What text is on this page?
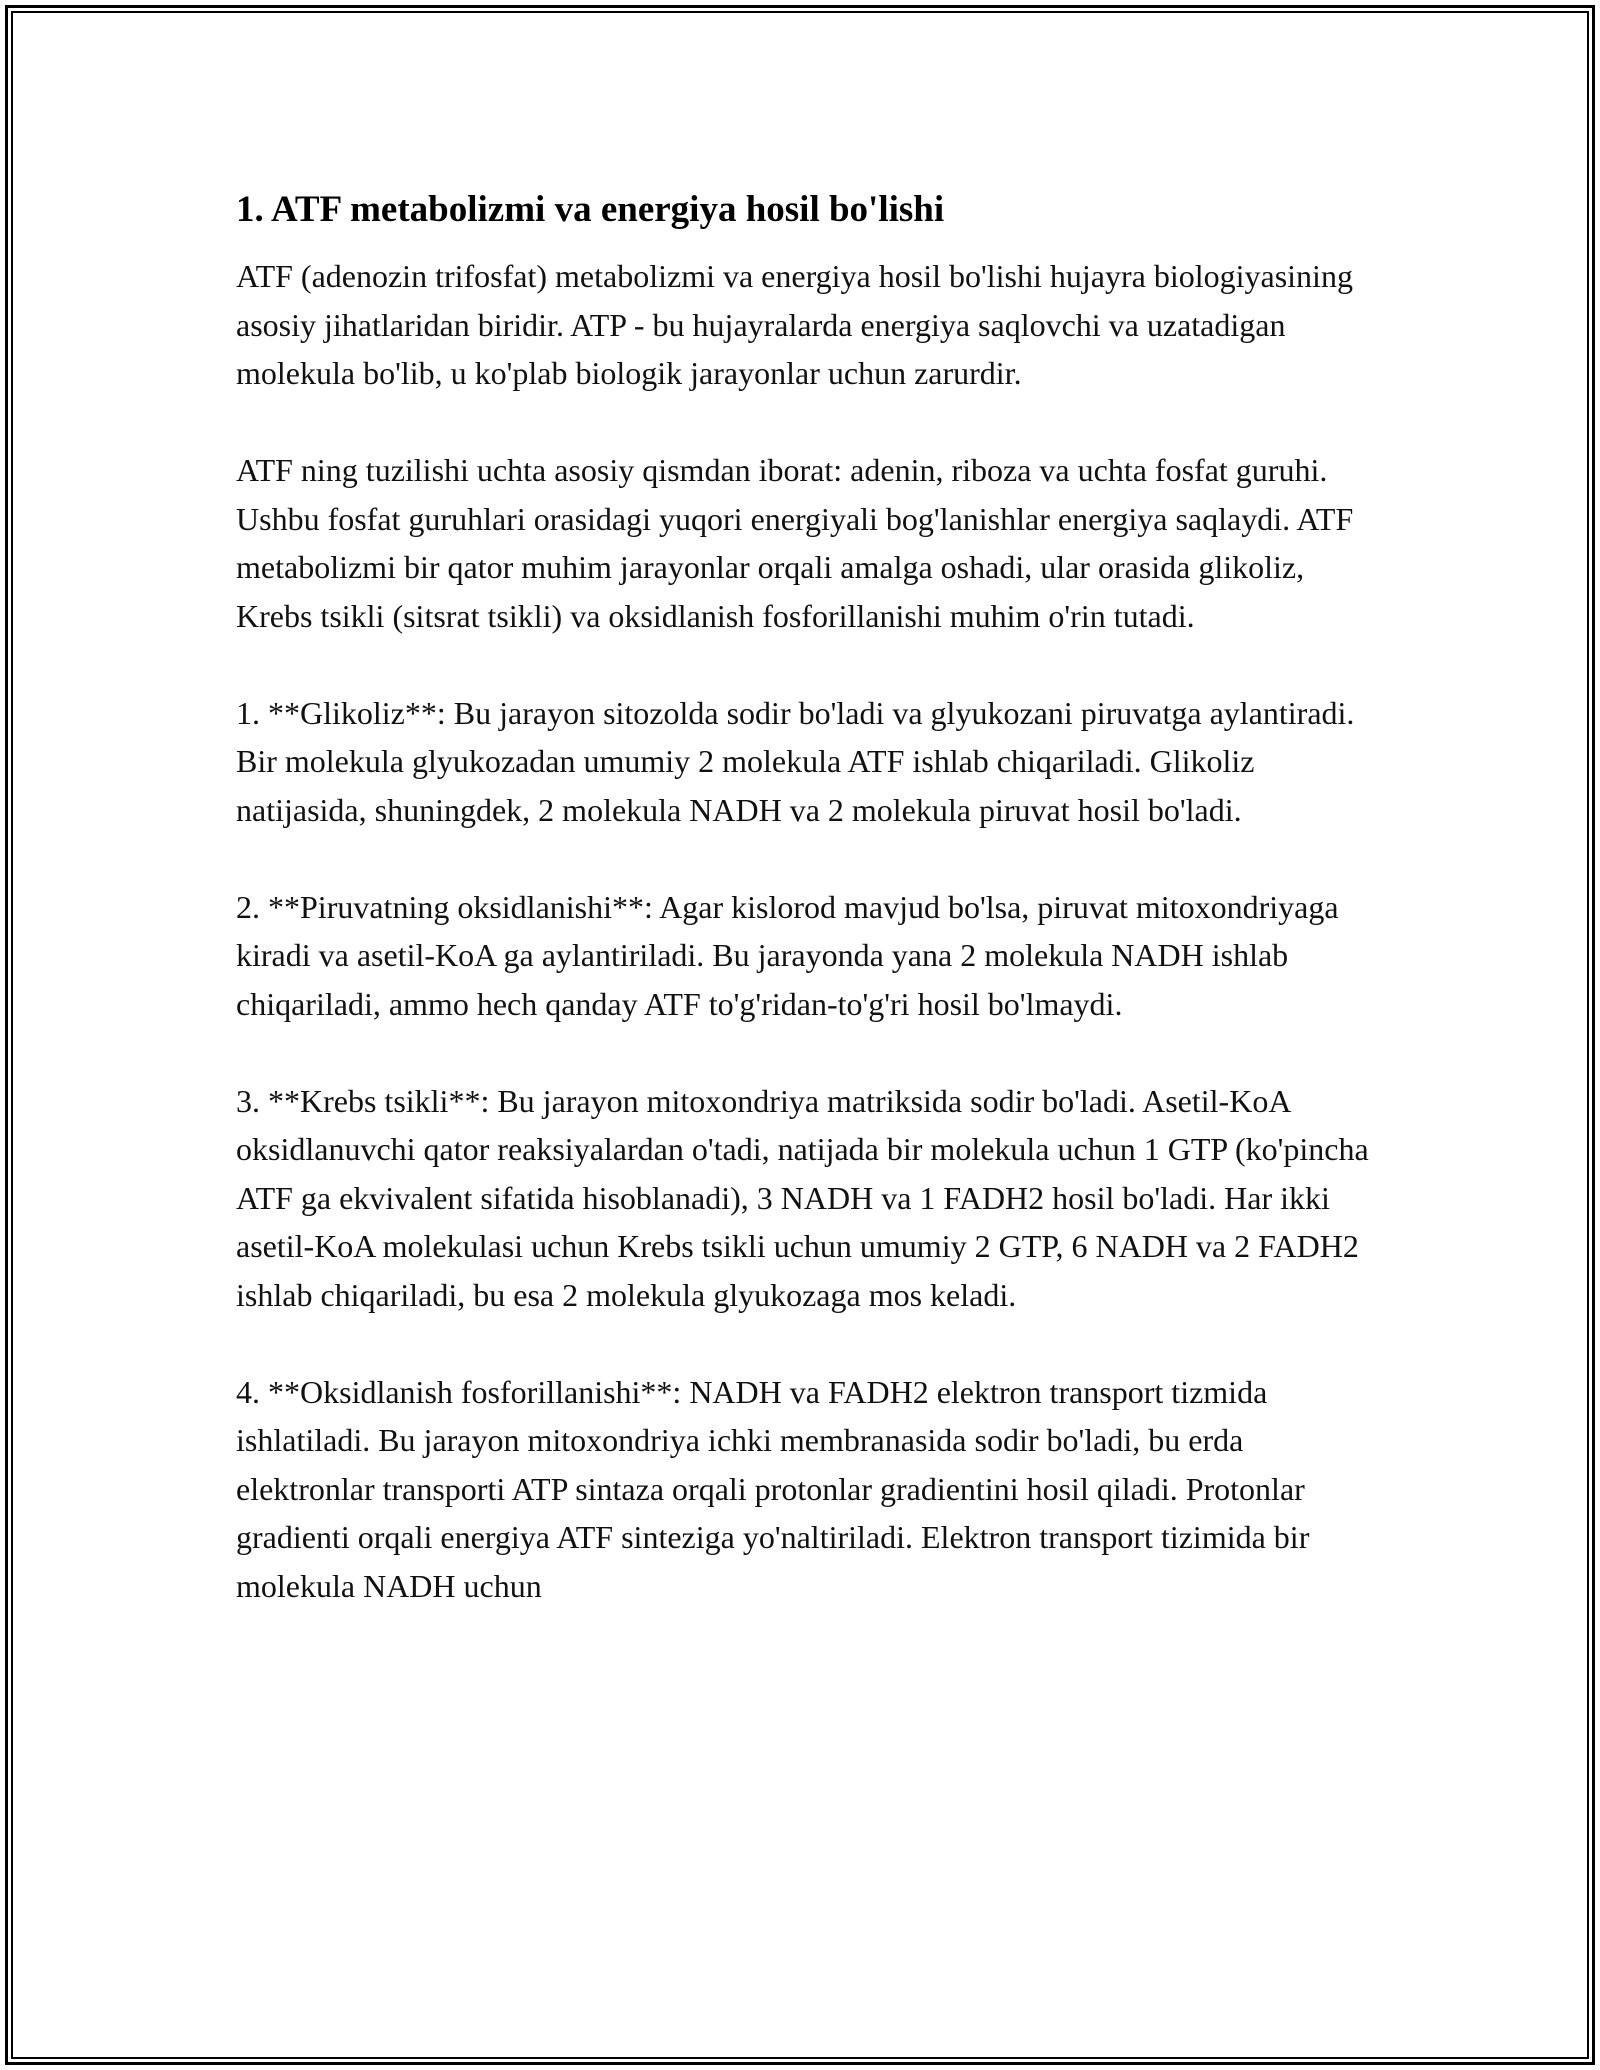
1. ATF metabolizmi va energiya hosil bo'lishi

ATF (adenozin trifosfat) metabolizmi va energiya hosil bo'lishi hujayra biologiyasining asosiy jihatlaridan biridir. ATP - bu hujayralarda energiya saqlovchi va uzatadigan molekula bo'lib, u ko'plab biologik jarayonlar uchun zarurdir.

ATF ning tuzilishi uchta asosiy qismdan iborat: adenin, riboza va uchta fosfat guruhi. Ushbu fosfat guruhlari orasidagi yuqori energiyali bog'lanishlar energiya saqlaydi. ATF metabolizmi bir qator muhim jarayonlar orqali amalga oshadi, ular orasida glikoliz, Krebs tsikli (sitsrat tsikli) va oksidlanish fosforillanishi muhim o'rin tutadi.

1. **Glikoliz**: Bu jarayon sitozolda sodir bo'ladi va glyukozani piruvatga aylantiradi. Bir molekula glyukozadan umumiy 2 molekula ATF ishlab chiqariladi. Glikoliz natijasida, shuningdek, 2 molekula NADH va 2 molekula piruvat hosil bo'ladi.

2. **Piruvatning oksidlanishi**: Agar kislorod mavjud bo'lsa, piruvat mitoxondriyaga kiradi va asetil-KoA ga aylantiriladi. Bu jarayonda yana 2 molekula NADH ishlab chiqariladi, ammo hech qanday ATF to'g'ridan-to'g'ri hosil bo'lmaydi.

3. **Krebs tsikli**: Bu jarayon mitoxondriya matriksida sodir bo'ladi. Asetil-KoA oksidlanuvchi qator reaksiyalardan o'tadi, natijada bir molekula uchun 1 GTP (ko'pincha ATF ga ekvivalent sifatida hisoblanadi), 3 NADH va 1 FADH2 hosil bo'ladi. Har ikki asetil-KoA molekulasi uchun Krebs tsikli uchun umumiy 2 GTP, 6 NADH va 2 FADH2 ishlab chiqariladi, bu esa 2 molekula glyukozaga mos keladi.

4. **Oksidlanish fosforillanishi**: NADH va FADH2 elektron transport tizmida ishlatiladi. Bu jarayon mitoxondriya ichki membranasida sodir bo'ladi, bu erda elektronlar transporti ATP sintaza orqali protonlar gradientini hosil qiladi. Protonlar gradienti orqali energiya ATF sinteziga yo'naltiriladi. Elektron transport tizimida bir molekula NADH uchun
